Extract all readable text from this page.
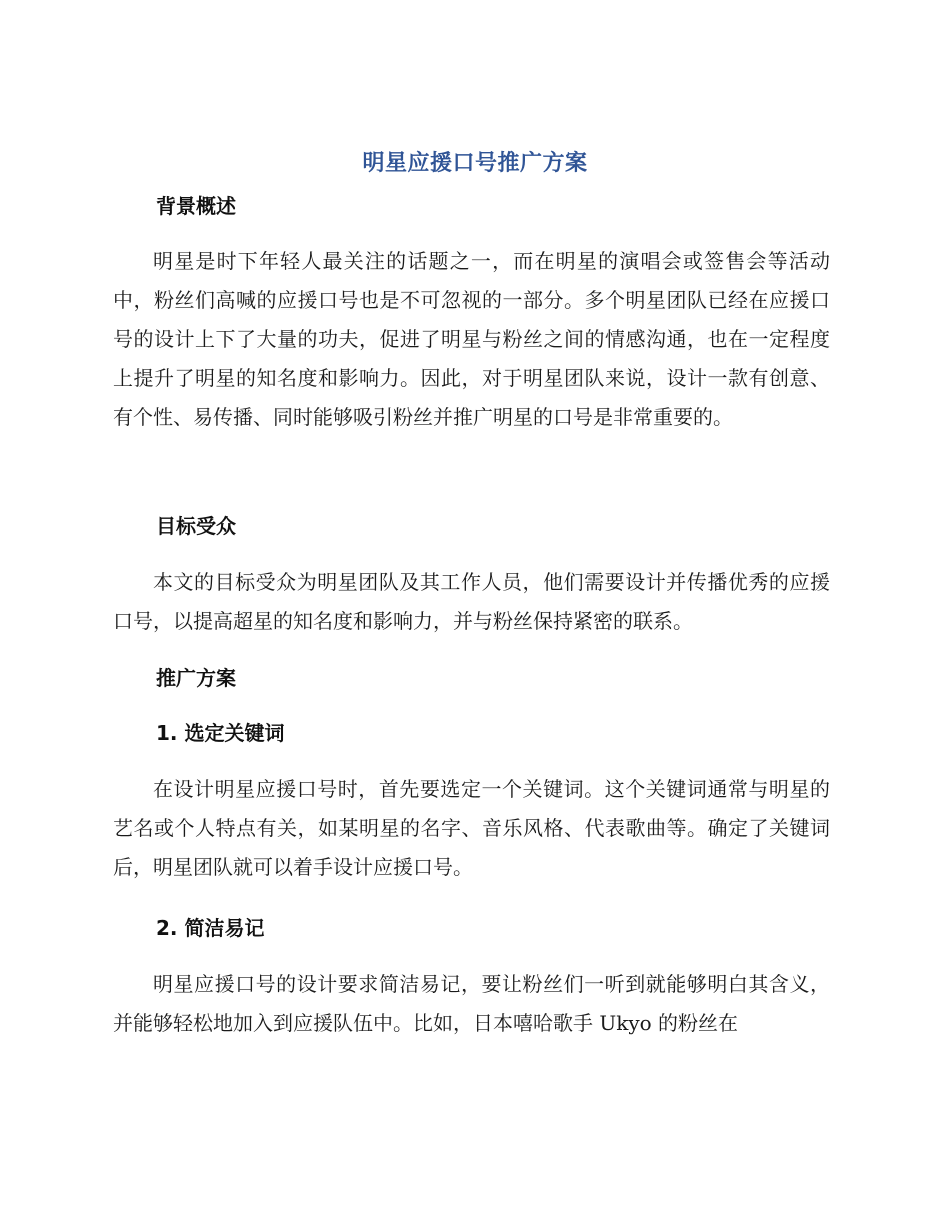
明星应援口号推广方案
背景概述

明星是时下年轻人最关注的话题之一，而在明星的演唱会或签售会等活动中，粉丝们高喊的应援口号也是不可忽视的一部分。多个明星团队已经在应援口号的设计上下了大量的功夫，促进了明星与粉丝之间的情感沟通，也在一定程度上提升了明星的知名度和影响力。因此，对于明星团队来说，设计一款有创意、有个性、易传播、同时能够吸引粉丝并推广明星的口号是非常重要的。

目标受众

本文的目标受众为明星团队及其工作人员，他们需要设计并传播优秀的应援口号，以提高超星的知名度和影响力，并与粉丝保持紧密的联系。

推广方案
1. 选定关键词

在设计明星应援口号时，首先要选定一个关键词。这个关键词通常与明星的艺名或个人特点有关，如某明星的名字、音乐风格、代表歌曲等。确定了关键词后，明星团队就可以着手设计应援口号。

2. 简洁易记

明星应援口号的设计要求简洁易记，要让粉丝们一听到就能够明白其含义，并能够轻松地加入到应援队伍中。比如，日本嘻哈歌手 Ukyo 的粉丝在
